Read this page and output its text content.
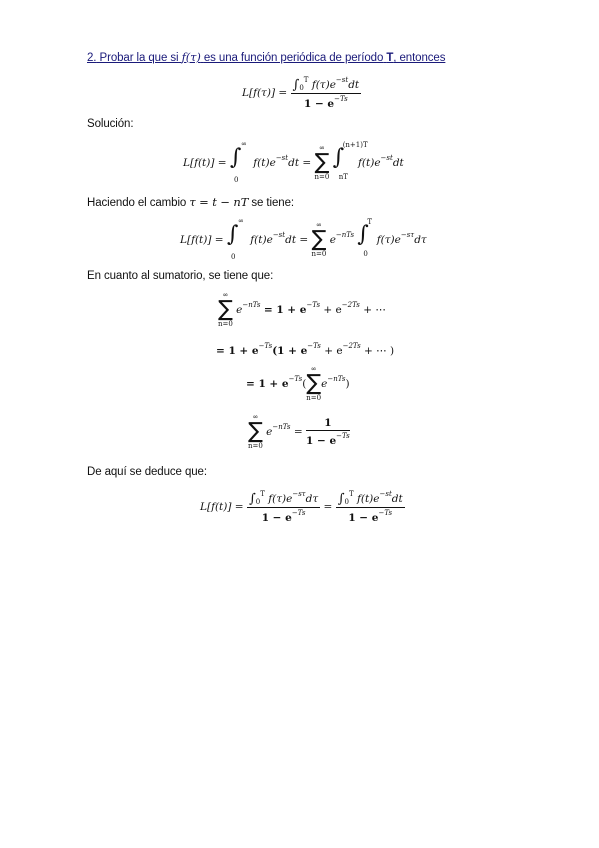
2. Probar la que si f(τ) es una función periódica de período T, entonces
$L[f(\tau)] = \frac{\int_0^T f(\tau)e^{-st}dt}{1 - e^{-Ts}}$
Solución:
L[f(t)] = ∫
∞
0
$f(t)e^{-st}dt$ =
∞
∑
n=0

∫
(n+1)T
nT
$f(t)e^{-st}dt$
Haciendo el cambio τ = t − nT se tiene:
L[f(t)] = ∫
∞
0
$f(t)e^{-st}dt$ =
∞
∑
n=0
$e^{-nTs}$ ∫
T
0
$f(\tau)e^{-s\tau}d\tau$
En cuanto al sumatorio, se tiene que:
∞
∑
n=0
$e^{-nTs} = 1 + e^{-Ts} + e^{-2Ts}$ + ⋯
= $1 + e^{-Ts}(1 + e^{-Ts} + e^{-2Ts}$ + ⋯ )
= $1 + e^{-Ts}$(
∞
∑
n=0
$e^{-nTs}$)
∞
∑
n=0
$e^{-nTs} = \frac{1}{1 - e^{-Ts}}$
De aquí se deduce que:
$L[f(t)] = \frac{\int_0^T f(\tau)e^{-s\tau}d\tau}{1 - e^{-Ts}} = \frac{\int_0^T f(t)e^{-st}dt}{1 - e^{-Ts}}$
